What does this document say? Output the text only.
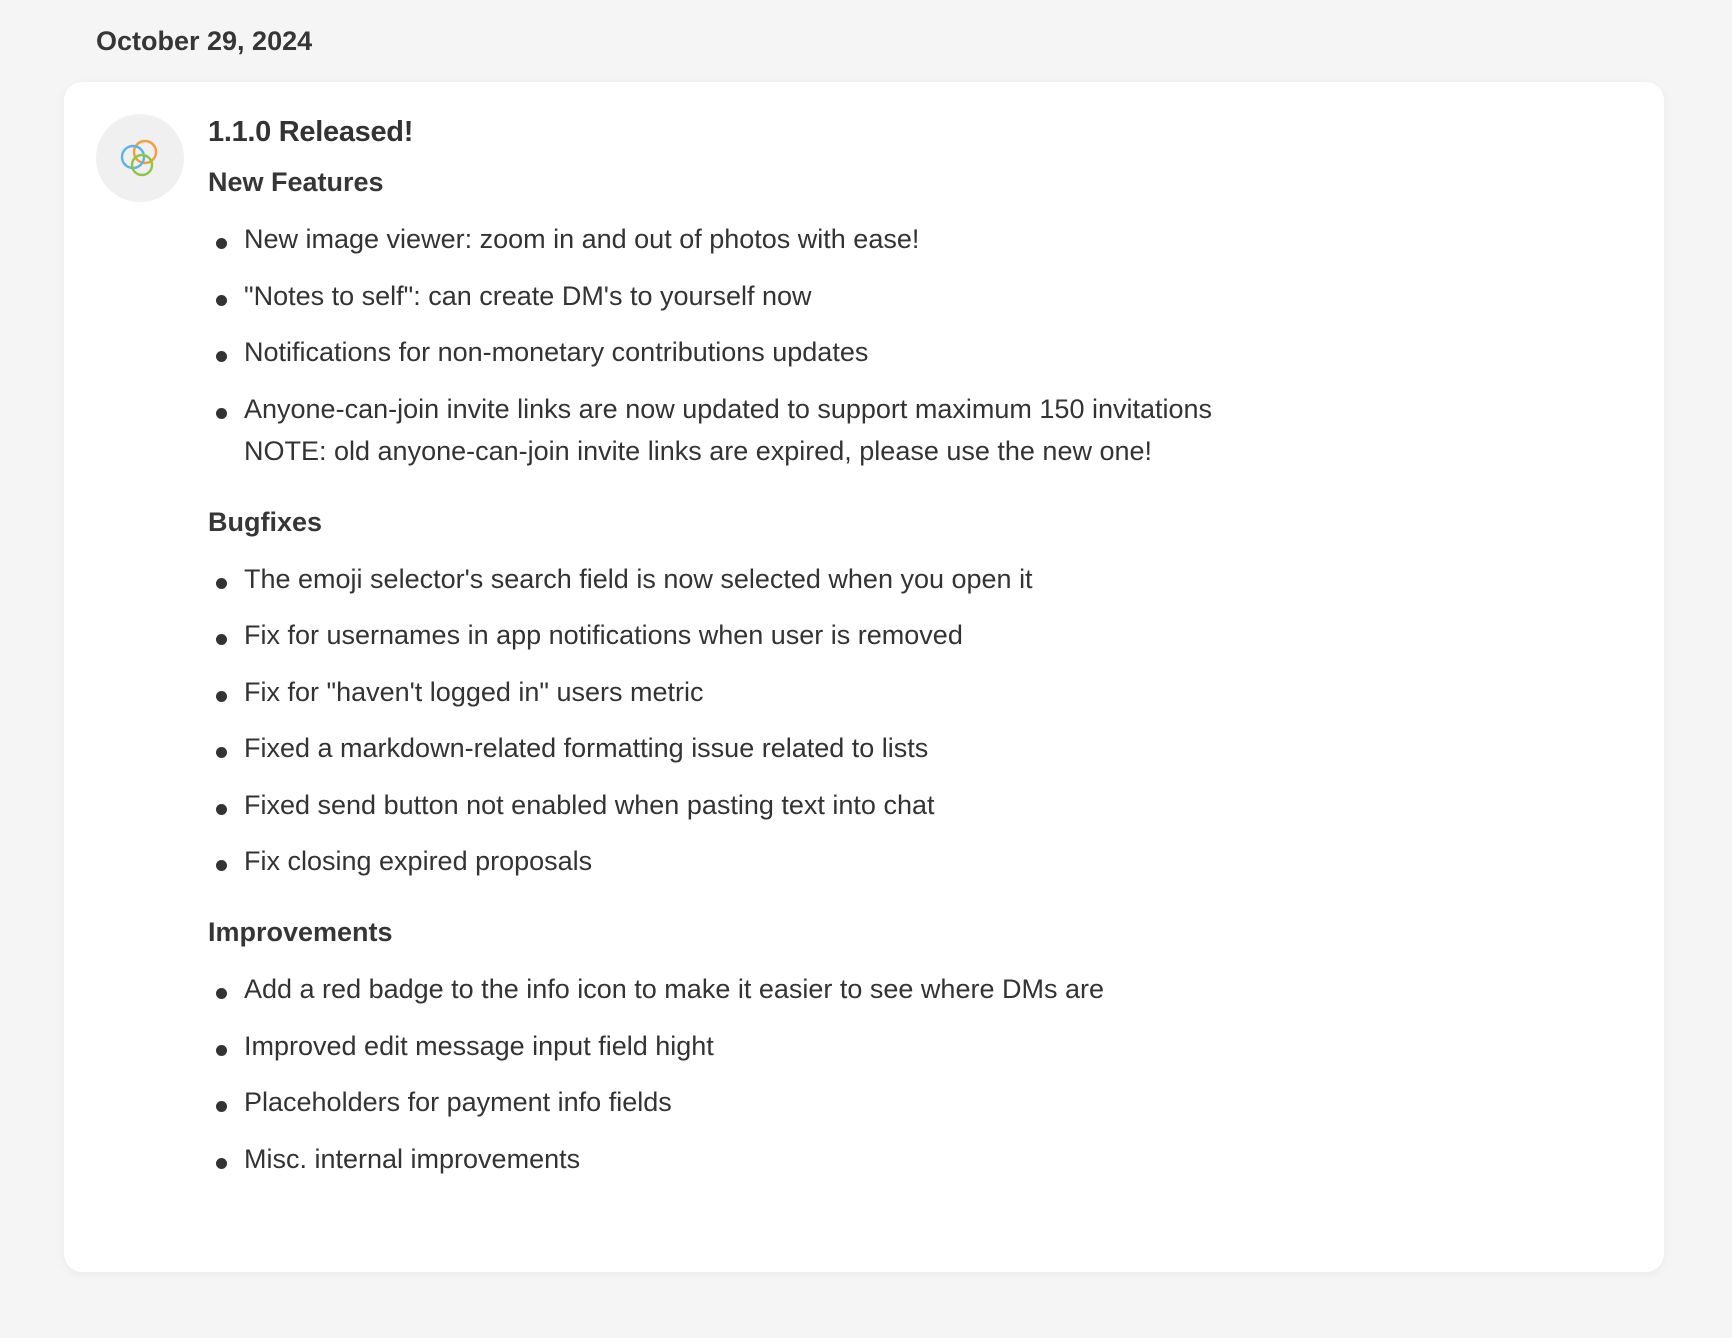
October 29, 2024
1.1.0 Released!
New Features
New image viewer: zoom in and out of photos with ease!
"Notes to self": can create DM's to yourself now
Notifications for non-monetary contributions updates
Anyone-can-join invite links are now updated to support maximum 150 invitations
NOTE: old anyone-can-join invite links are expired, please use the new one!
Bugfixes
The emoji selector's search field is now selected when you open it
Fix for usernames in app notifications when user is removed
Fix for "haven't logged in" users metric
Fixed a markdown-related formatting issue related to lists
Fixed send button not enabled when pasting text into chat
Fix closing expired proposals
Improvements
Add a red badge to the info icon to make it easier to see where DMs are
Improved edit message input field hight
Placeholders for payment info fields
Misc. internal improvements
